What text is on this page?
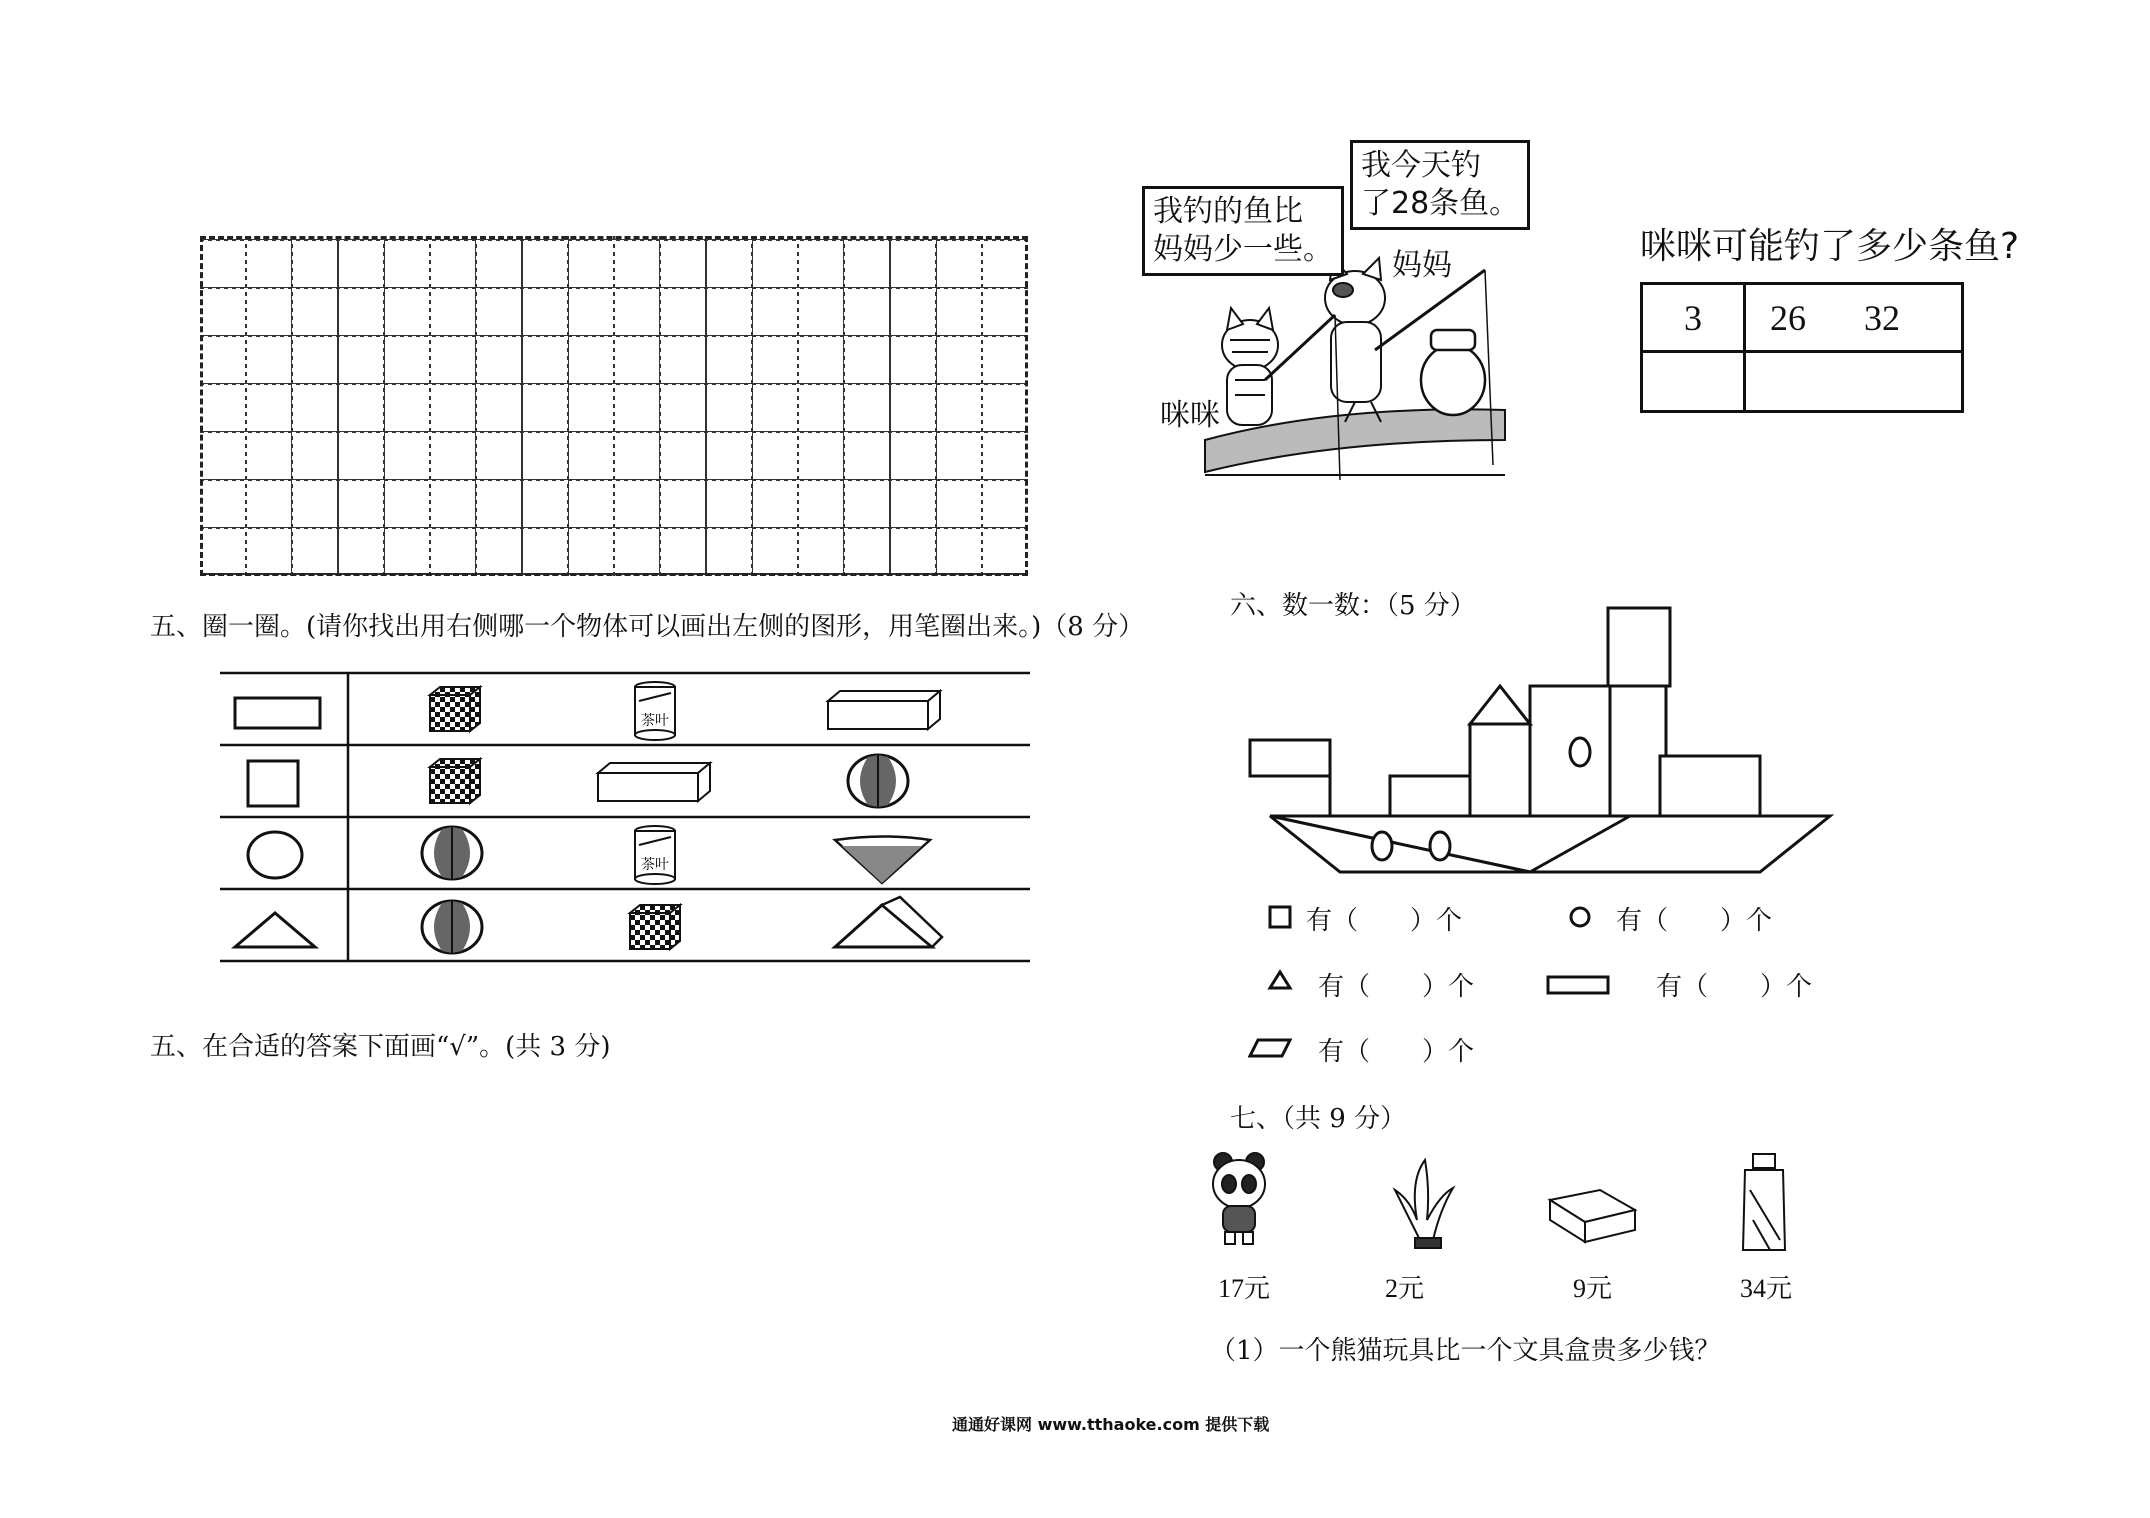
五、圈一圈。(请你找出用右侧哪一个物体可以画出左侧的图形，用笔圈出来。)（8 分）
茶叶
茶叶
五、在合适的答案下面画“√”。(共 3 分)
我钓的鱼比
妈妈少一些。
我今天钓
了28条鱼。
妈妈
咪咪
咪咪可能钓了多少条鱼?
3	26 32

六、数一数：（5 分）
有（　　）个	有（　　）个
有（　　）个	有（　　）个
有（　　）个
七、（共 9 分）
17元	2元	9元	34元
（1）一个熊猫玩具比一个文具盒贵多少钱？
通通好课网 www.tthaoke.com 提供下载
